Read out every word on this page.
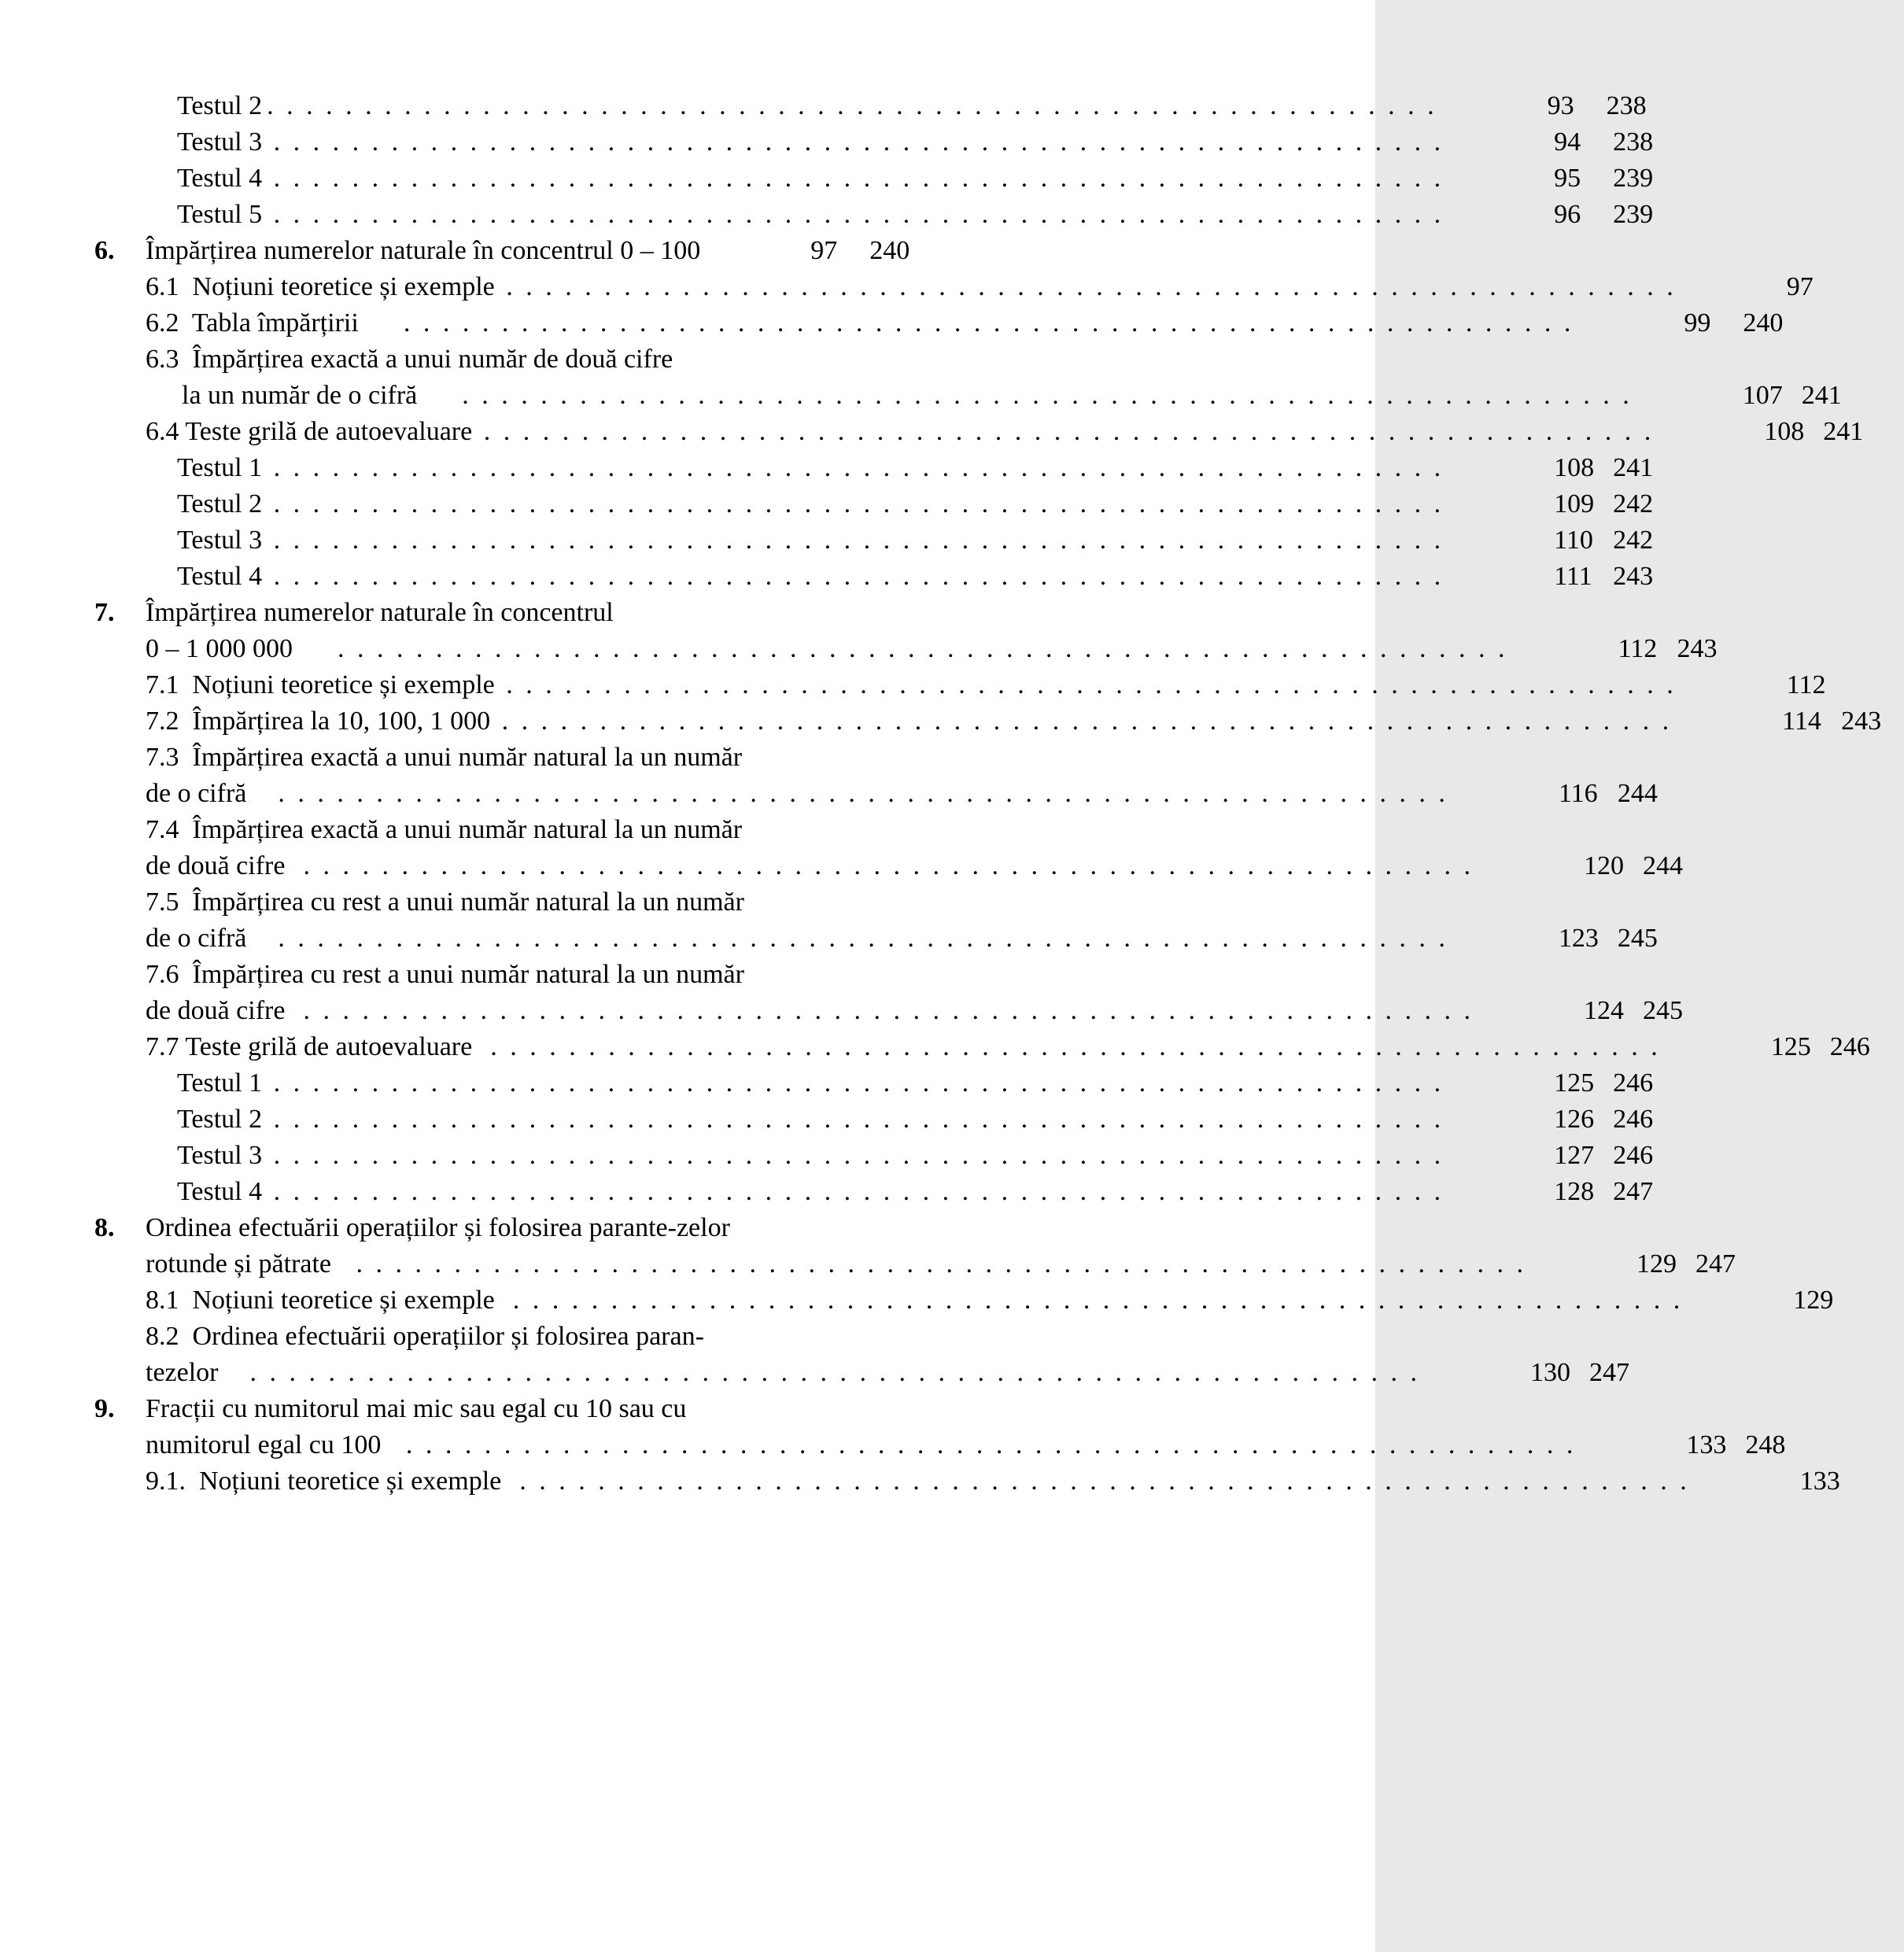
Testul 2 . . .	93	238
Testul 3 . . .	94	238
Testul 4 . . .	95	239
Testul 5 . . .	96	239
6.	Împărțirea numerelor naturale în concentrul 0 – 100	97	240
6.1  Noțiuni teoretice și exemple . . .	97
6.2  Tabla împărțirii . . .	99	240
6.3  Împărțirea exactă a unui număr de două cifre
la un număr de o cifră . . .	107 241
6.4 Teste grilă de autoevaluare . . .	108 241
Testul 1 . . .	108 241
Testul 2 . . .	109 242
Testul 3 . . .	110 242
Testul 4 . . .	111 243
7.	Împărțirea numerelor naturale în concentrul
0 – 1 000 000 . . .	112 243
7.1  Noțiuni teoretice și exemple . . .	112
7.2  Împărțirea la 10, 100, 1 000 . . .	114 243
7.3  Împărțirea exactă a unui număr natural la un număr
de o cifră . . .	116 244
7.4  Împărțirea exactă a unui număr natural la un număr
de două cifre . . .	120 244
7.5  Împărțirea cu rest a unui număr natural la un număr
de o cifră . . .	123 245
7.6  Împărțirea cu rest a unui număr natural la un număr
de două cifre . . .	124 245
7.7 Teste grilă de autoevaluare . . .	125 246
Testul 1 . . .	125 246
Testul 2 . . .	126 246
Testul 3 . . .	127 246
Testul 4 . . .	128 247
8.	Ordinea efectuării operațiilor și folosirea parante-zelor
rotunde și pătrate . . .	129 247
8.1  Noțiuni teoretice și exemple . . .	129
8.2  Ordinea efectuării operațiilor și folosirea paran-
tezelor . . .	130 247
9.	Fracții cu numitorul mai mic sau egal cu 10 sau cu
numitorul egal cu 100 . . .	133 248
9.1.  Noțiuni teoretice și exemple . . .	133
